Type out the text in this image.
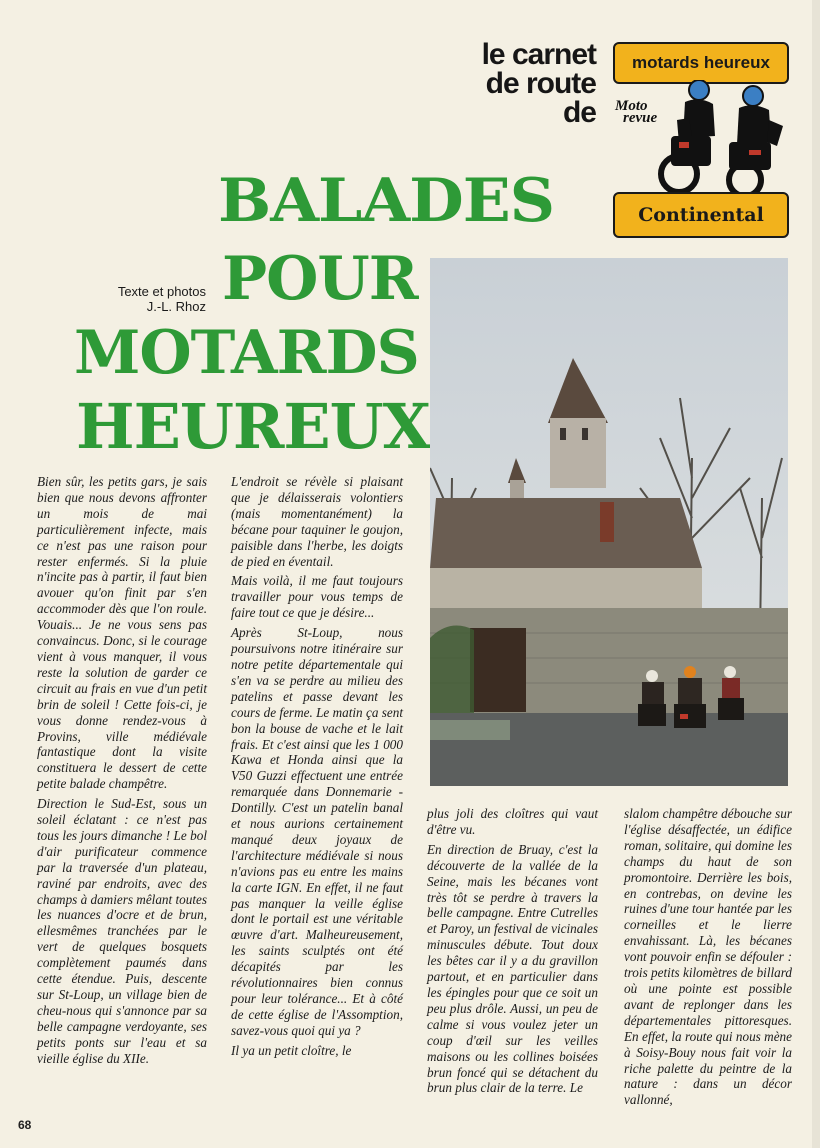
le carnet
de route
de
motards heureux
Moto
revue
Continental
BALADES
POUR
MOTARDS
HEUREUX
Texte et photos
J.-L. Rhoz

Bien sûr, les petits gars, je sais bien que nous devons affronter un mois de mai particulièrement infecte, mais ce n'est pas une raison pour rester enfermés. Si la pluie n'incite pas à partir, il faut bien avouer qu'on finit par s'en accommoder dès que l'on roule. Vouais... Je ne vous sens pas convaincus. Donc, si le courage vient à vous manquer, il vous reste la solution de garder ce circuit au frais en vue d'un petit brin de soleil ! Cette fois-ci, je vous donne rendez-vous à Provins, ville médiévale fantastique dont la visite constituera le dessert de cette petite balade champêtre.

Direction le Sud-Est, sous un soleil éclatant : ce n'est pas tous les jours dimanche ! Le bol d'air purificateur commence par la traversée d'un plateau, raviné par endroits, avec des champs à damiers mêlant toutes les nuances d'ocre et de brun, ellesmêmes tranchées par le vert de quelques bosquets complètement paumés dans cette étendue. Puis, descente sur St-Loup, un village bien de cheu-nous qui s'annonce par sa belle campagne verdoyante, ses petits ponts sur l'eau et sa vieille église du XIIe.

L'endroit se révèle si plaisant que je délaisserais volontiers (mais momentanément) la bécane pour taquiner le goujon, paisible dans l'herbe, les doigts de pied en éventail.

Mais voilà, il me faut toujours travailler pour vous temps de faire tout ce que je désire...

Après St-Loup, nous poursuivons notre itinéraire sur notre petite départementale qui s'en va se perdre au milieu des patelins et passe devant les cours de ferme. Le matin ça sent bon la bouse de vache et le lait frais. Et c'est ainsi que les 1 000 Kawa et Honda ainsi que la V50 Guzzi effectuent une entrée remarquée dans Donnemarie - Dontilly. C'est un patelin banal et nous aurions certainement manqué deux joyaux de l'architecture médiévale si nous n'avions pas eu entre les mains la carte IGN. En effet, il ne faut pas manquer la veille église dont le portail est une véritable œuvre d'art. Malheureusement, les saints sculptés ont été décapités par les révolutionnaires bien connus pour leur tolérance... Et à côté de cette église de l'Assomption, savez-vous quoi qui ya ?

Il ya un petit cloître, le

plus joli des cloîtres qui vaut d'être vu.

En direction de Bruay, c'est la découverte de la vallée de la Seine, mais les bécanes vont très tôt se perdre à travers la belle campagne. Entre Cutrelles et Paroy, un festival de vicinales minuscules débute. Tout doux les bêtes car il y a du gravillon partout, et en particulier dans les épingles pour que ce soit un peu plus drôle. Aussi, un peu de calme si vous voulez jeter un coup d'œil sur les veilles maisons ou les collines boisées brun foncé qui se détachent du brun plus clair de la terre. Le

slalom champêtre débouche sur l'église désaffectée, un édifice roman, solitaire, qui domine les champs du haut de son promontoire. Derrière les bois, en contrebas, on devine les ruines d'une tour hantée par les corneilles et le lierre envahissant. Là, les bécanes vont pouvoir enfin se défouler : trois petits kilomètres de billard où une pointe est possible avant de replonger dans les départementales pittoresques. En effet, la route qui nous mène à Soisy-Bouy nous fait voir la riche palette du peintre de la nature : dans un décor vallonné,

68
